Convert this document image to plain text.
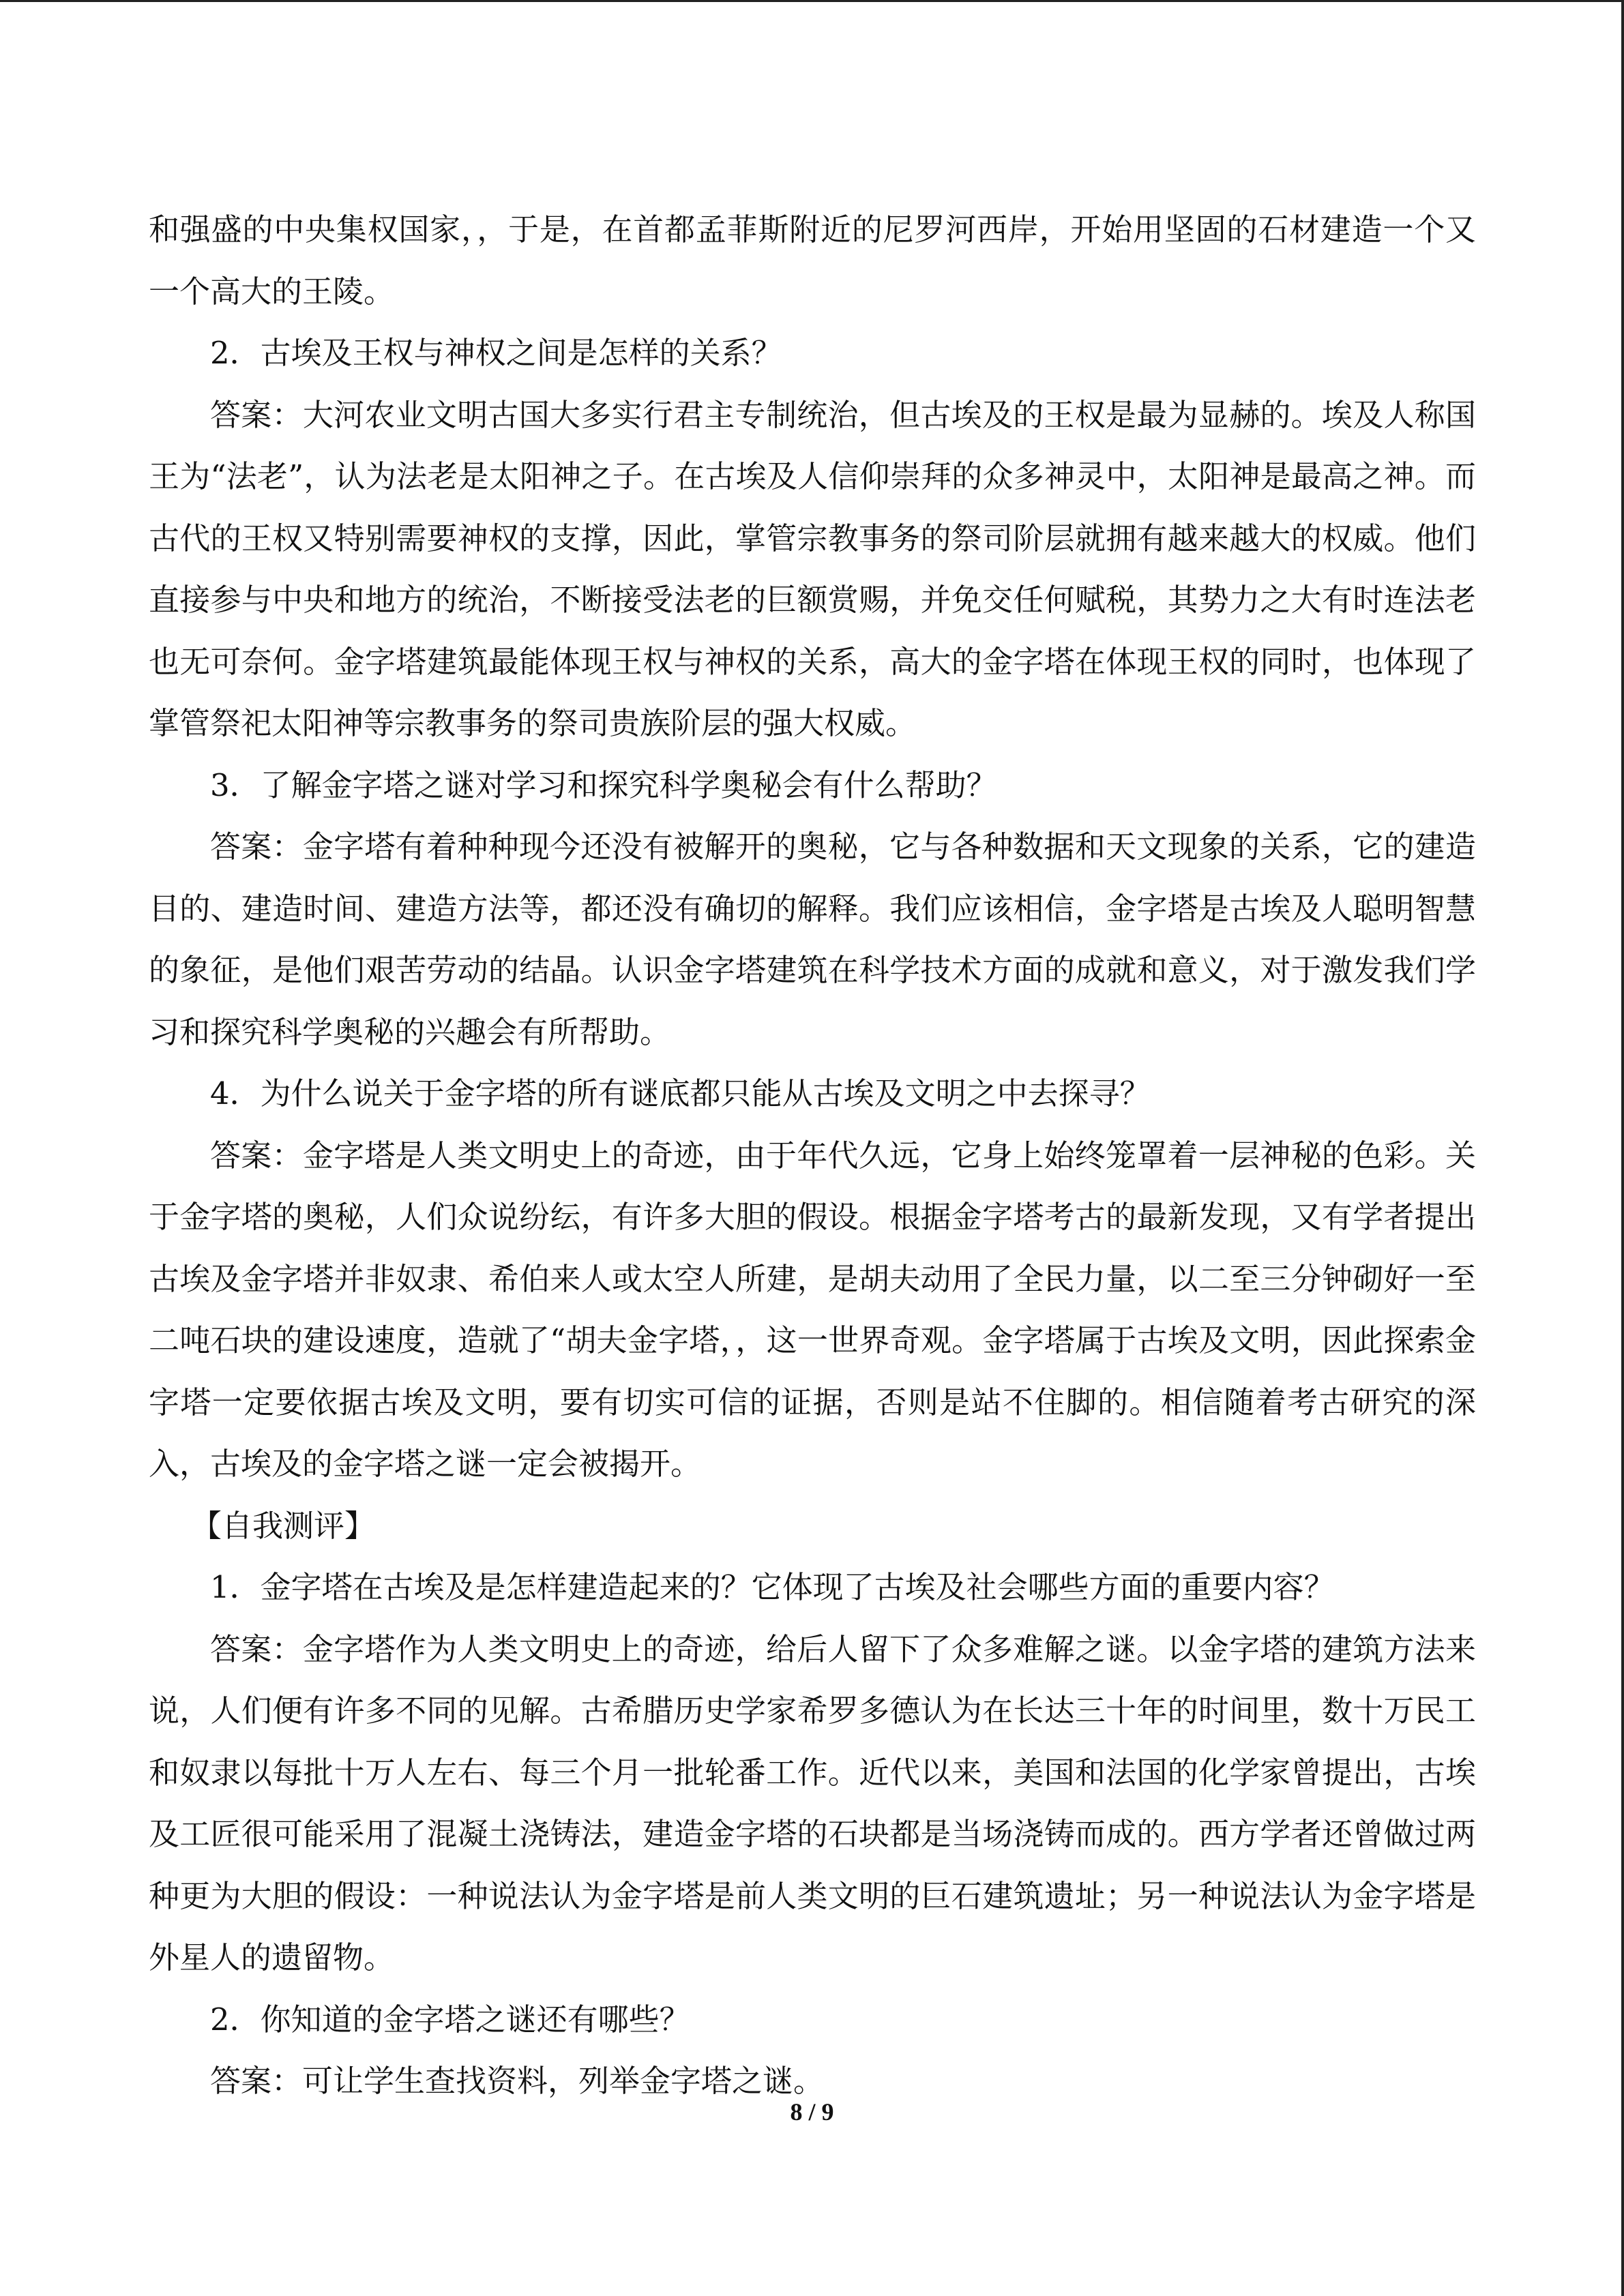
和强盛的中央集权国家，，于是，在首都孟菲斯附近的尼罗河西岸，开始用坚固的石材建造一个又一个高大的王陵。

2．古埃及王权与神权之间是怎样的关系？

答案：大河农业文明古国大多实行君主专制统治，但古埃及的王权是最为显赫的。埃及人称国王为“法老”，认为法老是太阳神之子。在古埃及人信仰崇拜的众多神灵中，太阳神是最高之神。而古代的王权又特别需要神权的支撑，因此，掌管宗教事务的祭司阶层就拥有越来越大的权威。他们直接参与中央和地方的统治，不断接受法老的巨额赏赐，并免交任何赋税，其势力之大有时连法老也无可奈何。金字塔建筑最能体现王权与神权的关系，高大的金字塔在体现王权的同时，也体现了掌管祭祀太阳神等宗教事务的祭司贵族阶层的强大权威。

3．了解金字塔之谜对学习和探究科学奥秘会有什么帮助？

答案：金字塔有着种种现今还没有被解开的奥秘，它与各种数据和天文现象的关系，它的建造目的、建造时间、建造方法等，都还没有确切的解释。我们应该相信，金字塔是古埃及人聪明智慧的象征，是他们艰苦劳动的结晶。认识金字塔建筑在科学技术方面的成就和意义，对于激发我们学习和探究科学奥秘的兴趣会有所帮助。

4．为什么说关于金字塔的所有谜底都只能从古埃及文明之中去探寻？

答案：金字塔是人类文明史上的奇迹，由于年代久远，它身上始终笼罩着一层神秘的色彩。关于金字塔的奥秘，人们众说纷纭，有许多大胆的假设。根据金字塔考古的最新发现，又有学者提出古埃及金字塔并非奴隶、希伯来人或太空人所建，是胡夫动用了全民力量，以二至三分钟砌好一至二吨石块的建设速度，造就了“胡夫金字塔，，这一世界奇观。金字塔属于古埃及文明，因此探索金字塔一定要依据古埃及文明，要有切实可信的证据，否则是站不住脚的。相信随着考古研究的深入，古埃及的金字塔之谜一定会被揭开。

【自我测评】

1．金字塔在古埃及是怎样建造起来的？它体现了古埃及社会哪些方面的重要内容？

答案：金字塔作为人类文明史上的奇迹，给后人留下了众多难解之谜。以金字塔的建筑方法来说，人们便有许多不同的见解。古希腊历史学家希罗多德认为在长达三十年的时间里，数十万民工和奴隶以每批十万人左右、每三个月一批轮番工作。近代以来，美国和法国的化学家曾提出，古埃及工匠很可能采用了混凝土浇铸法，建造金字塔的石块都是当场浇铸而成的。西方学者还曾做过两种更为大胆的假设：一种说法认为金字塔是前人类文明的巨石建筑遗址；另一种说法认为金字塔是外星人的遗留物。

2．你知道的金字塔之谜还有哪些？

答案：可让学生查找资料，列举金字塔之谜。

8 / 9
